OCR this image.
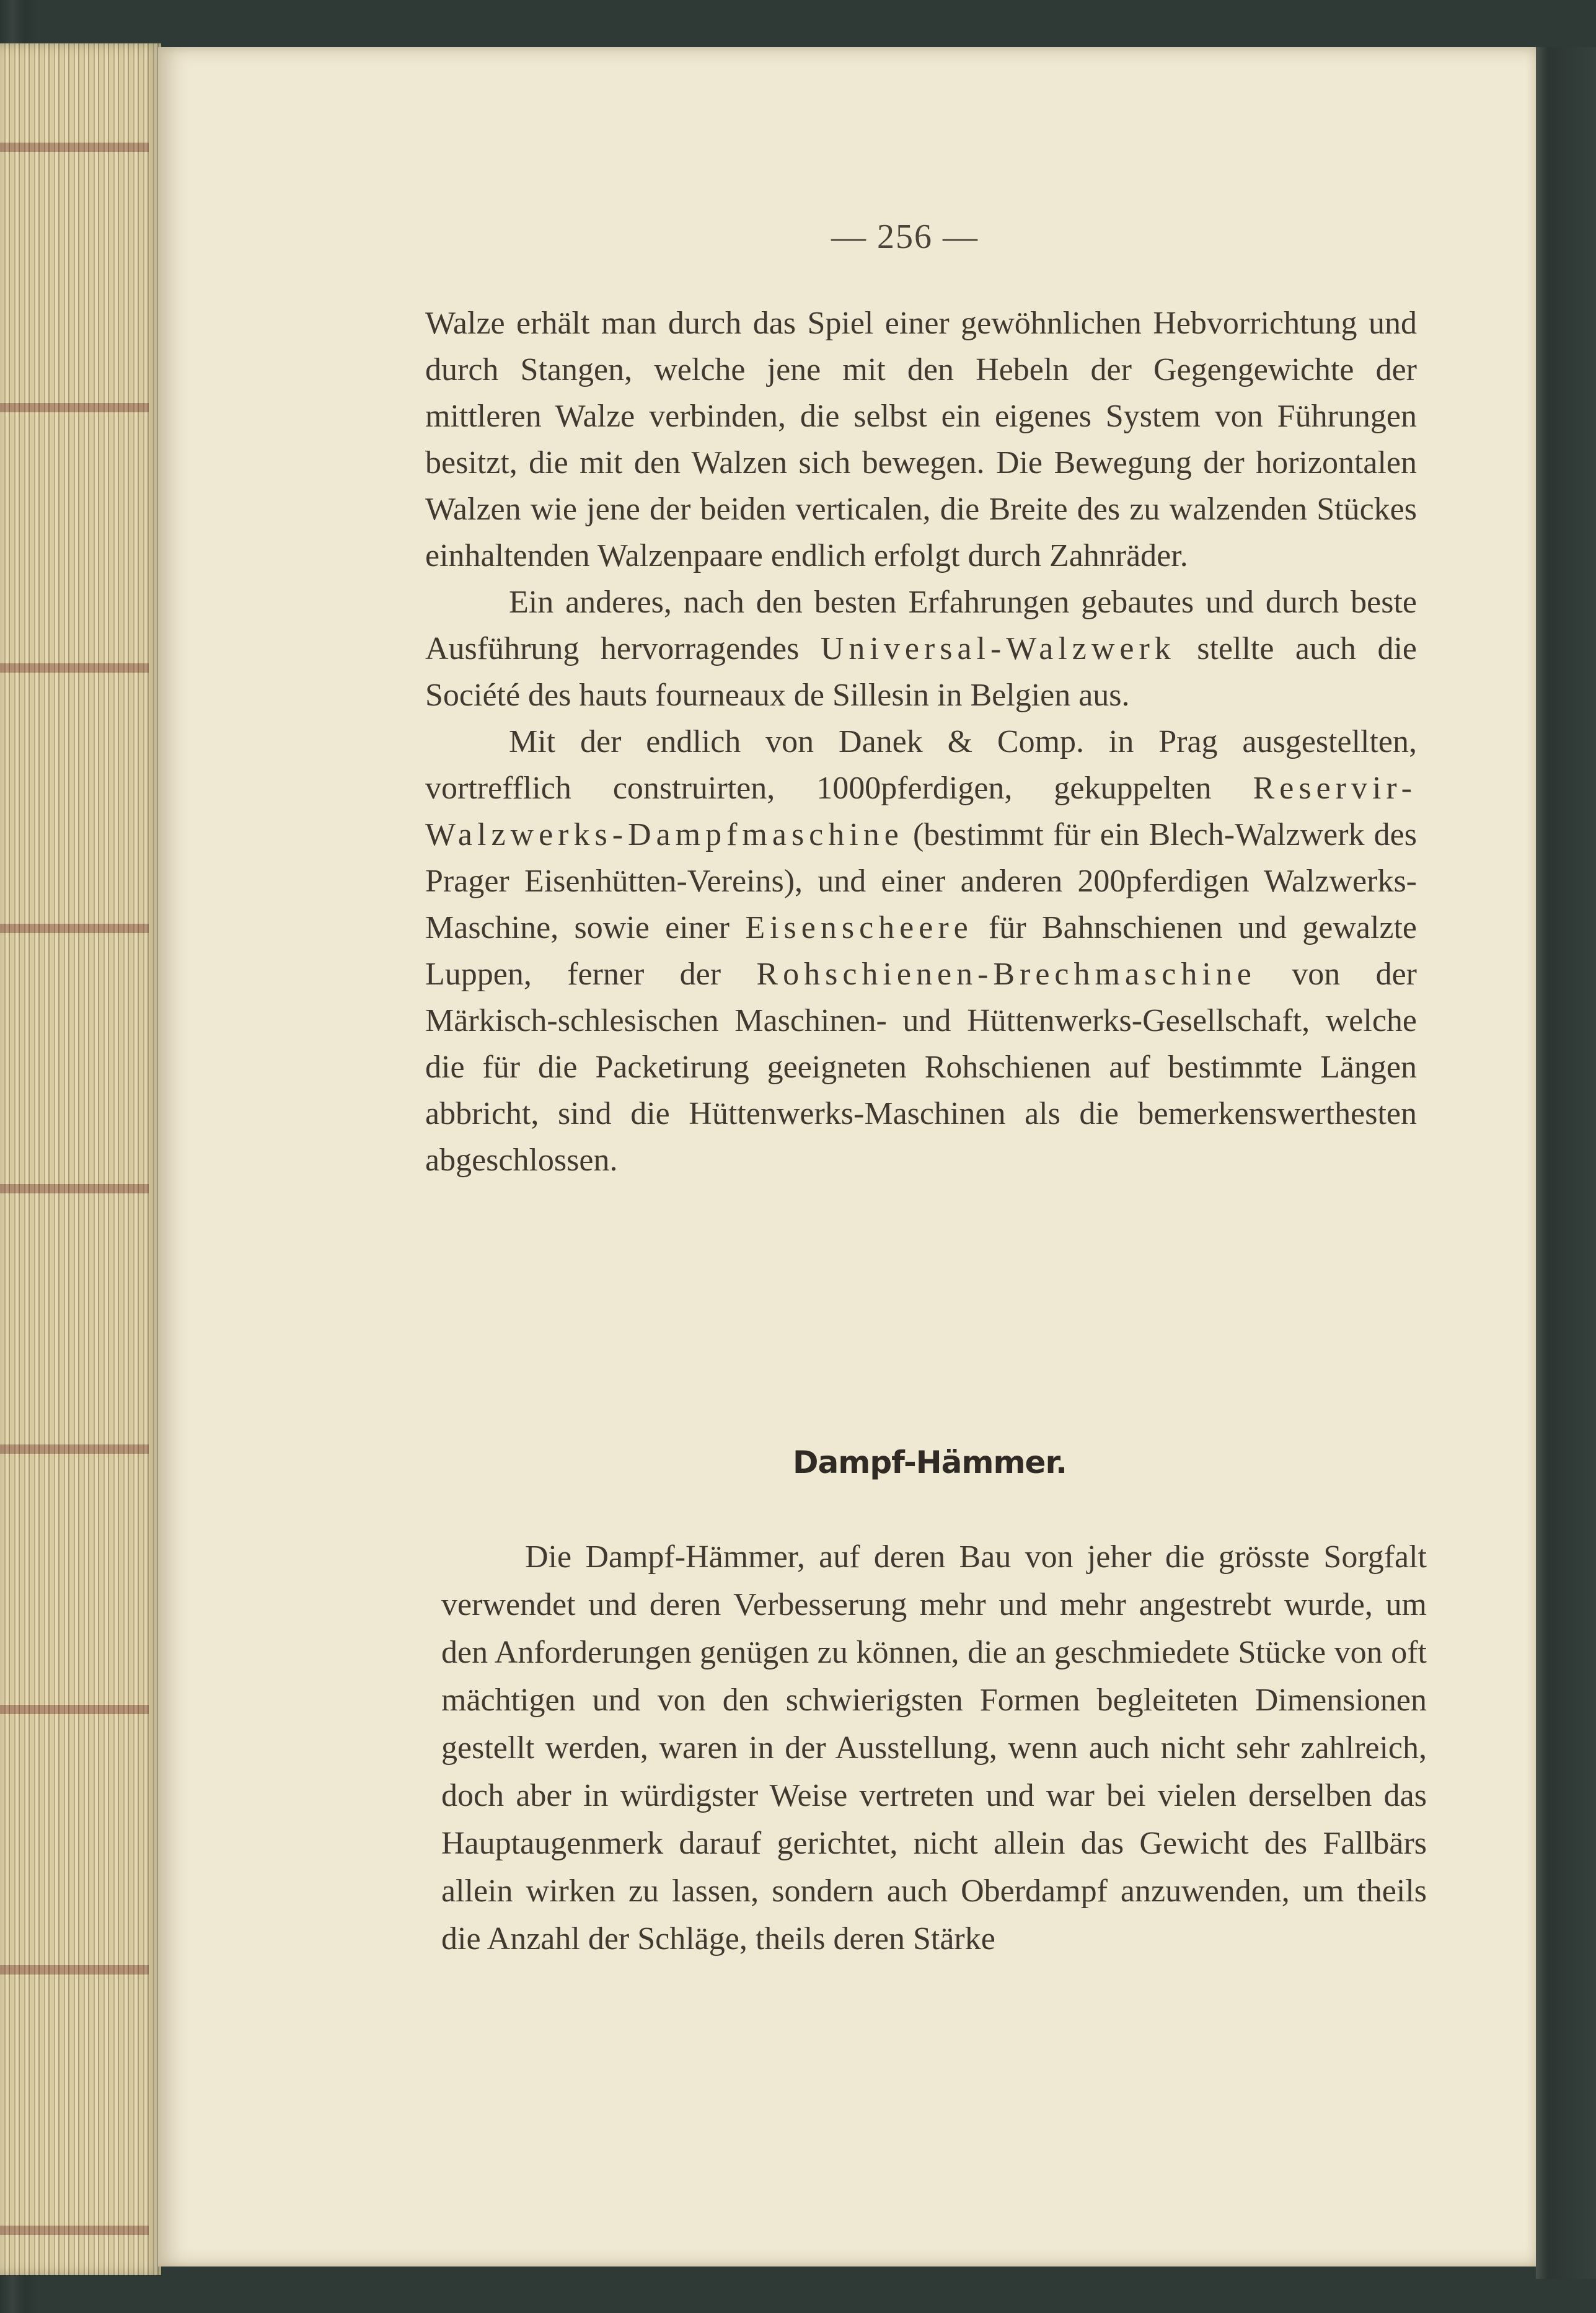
— 256 —

Walze erhält man durch das Spiel einer gewöhnlichen Hebvorrichtung und durch Stangen, welche jene mit den Hebeln der Gegengewichte der mittleren Walze verbinden, die selbst ein eigenes System von Führungen besitzt, die mit den Walzen sich bewegen. Die Bewegung der horizontalen Walzen wie jene der beiden verticalen, die Breite des zu walzenden Stückes einhaltenden Walzenpaare endlich erfolgt durch Zahnräder.

Ein anderes, nach den besten Erfahrungen gebautes und durch beste Ausführung hervorragendes Universal-Walzwerk stellte auch die Société des hauts fourneaux de Sillesin in Belgien aus.

Mit der endlich von Danek & Comp. in Prag ausgestellten, vortrefflich construirten, 1000pferdigen, gekuppelten Reservir-Walzwerks-Dampfmaschine (bestimmt für ein Blech-Walzwerk des Prager Eisenhütten-Vereins), und einer anderen 200pferdigen Walzwerks-Maschine, sowie einer Eisenscheere für Bahnschienen und gewalzte Luppen, ferner der Rohschienen-Brechmaschine von der Märkisch-schlesischen Maschinen- und Hüttenwerks-Gesellschaft, welche die für die Packetirung geeigneten Rohschienen auf bestimmte Längen abbricht, sind die Hüttenwerks-Maschinen als die bemerkenswerthesten abgeschlossen.

Dampf-Hämmer.

Die Dampf-Hämmer, auf deren Bau von jeher die grösste Sorgfalt verwendet und deren Verbesserung mehr und mehr angestrebt wurde, um den Anforderungen genügen zu können, die an geschmiedete Stücke von oft mächtigen und von den schwierigsten Formen begleiteten Dimensionen gestellt werden, waren in der Ausstellung, wenn auch nicht sehr zahlreich, doch aber in würdigster Weise vertreten und war bei vielen derselben das Hauptaugenmerk darauf gerichtet, nicht allein das Gewicht des Fallbärs allein wirken zu lassen, sondern auch Oberdampf anzuwenden, um theils die Anzahl der Schläge, theils deren Stärke
